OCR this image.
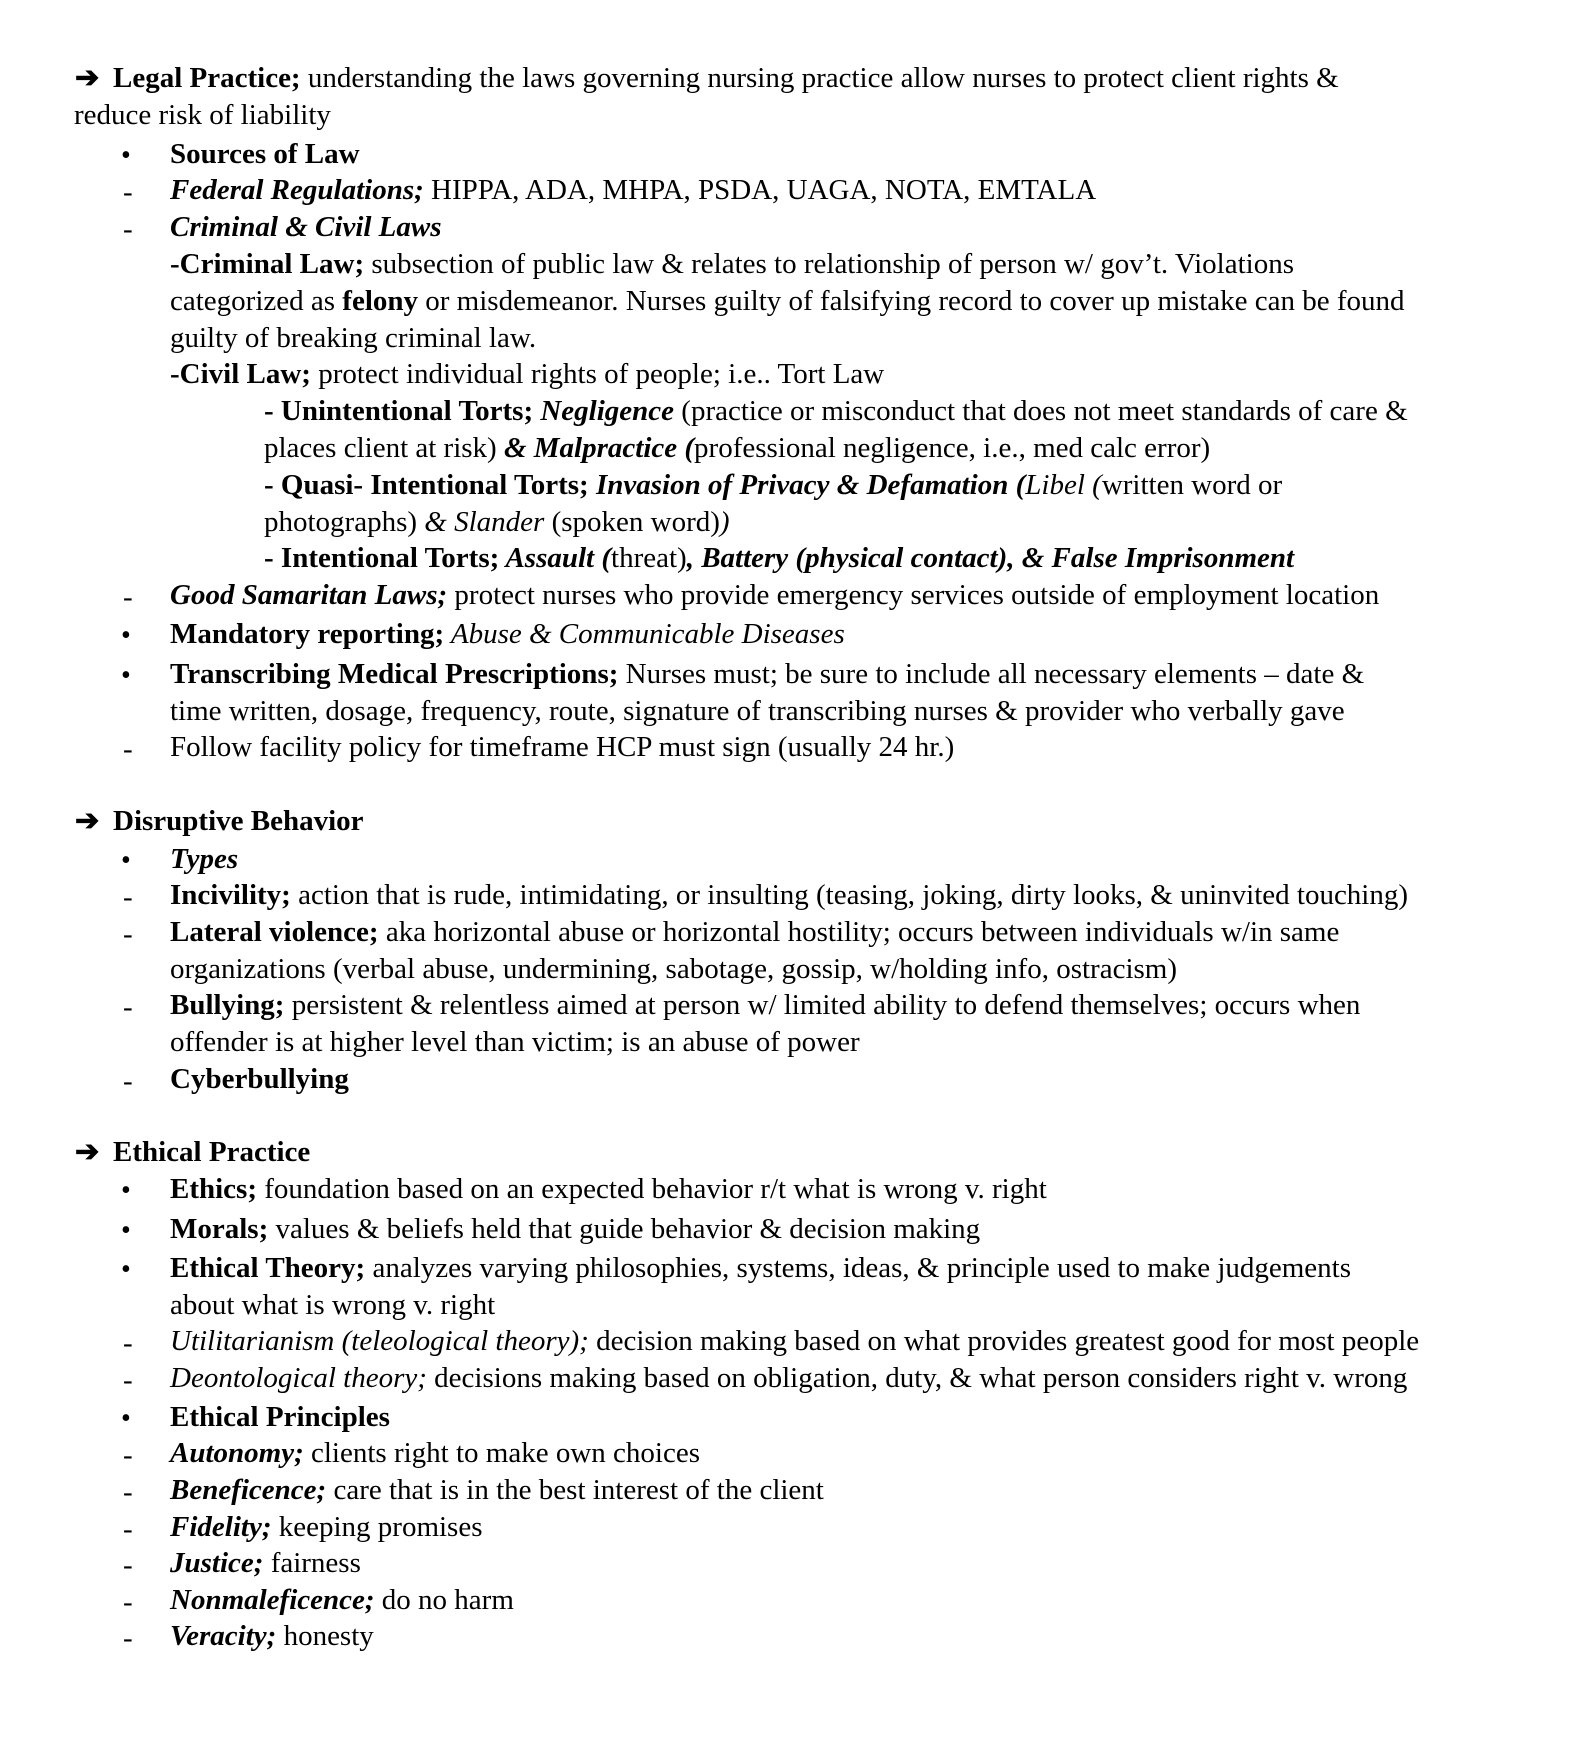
➔ Legal Practice; understanding the laws governing nursing practice allow nurses to protect client rights &
reduce risk of liability
• Sources of Law
- Federal Regulations; HIPPA, ADA, MHPA, PSDA, UAGA, NOTA, EMTALA
- Criminal & Civil Laws
-Criminal Law; subsection of public law & relates to relationship of person w/ gov’t. Violations
categorized as felony or misdemeanor. Nurses guilty of falsifying record to cover up mistake can be found
guilty of breaking criminal law.
-Civil Law; protect individual rights of people; i.e.. Tort Law
- Unintentional Torts; Negligence (practice or misconduct that does not meet standards of care &
places client at risk) & Malpractice (professional negligence, i.e., med calc error)
- Quasi- Intentional Torts; Invasion of Privacy & Defamation (Libel (written word or
photographs) & Slander (spoken word))
- Intentional Torts; Assault (threat), Battery (physical contact), & False Imprisonment
- Good Samaritan Laws; protect nurses who provide emergency services outside of employment location
• Mandatory reporting; Abuse & Communicable Diseases
• Transcribing Medical Prescriptions; Nurses must; be sure to include all necessary elements – date &
time written, dosage, frequency, route, signature of transcribing nurses & provider who verbally gave
- Follow facility policy for timeframe HCP must sign (usually 24 hr.)
➔ Disruptive Behavior
• Types
- Incivility; action that is rude, intimidating, or insulting (teasing, joking, dirty looks, & uninvited touching)
- Lateral violence; aka horizontal abuse or horizontal hostility; occurs between individuals w/in same
organizations (verbal abuse, undermining, sabotage, gossip, w/holding info, ostracism)
- Bullying; persistent & relentless aimed at person w/ limited ability to defend themselves; occurs when
offender is at higher level than victim; is an abuse of power
- Cyberbullying
➔ Ethical Practice
• Ethics; foundation based on an expected behavior r/t what is wrong v. right
• Morals; values & beliefs held that guide behavior & decision making
• Ethical Theory; analyzes varying philosophies, systems, ideas, & principle used to make judgements
about what is wrong v. right
- Utilitarianism (teleological theory); decision making based on what provides greatest good for most people
- Deontological theory; decisions making based on obligation, duty, & what person considers right v. wrong
• Ethical Principles
- Autonomy; clients right to make own choices
- Beneficence; care that is in the best interest of the client
- Fidelity; keeping promises
- Justice; fairness
- Nonmaleficence; do no harm
- Veracity; honesty
